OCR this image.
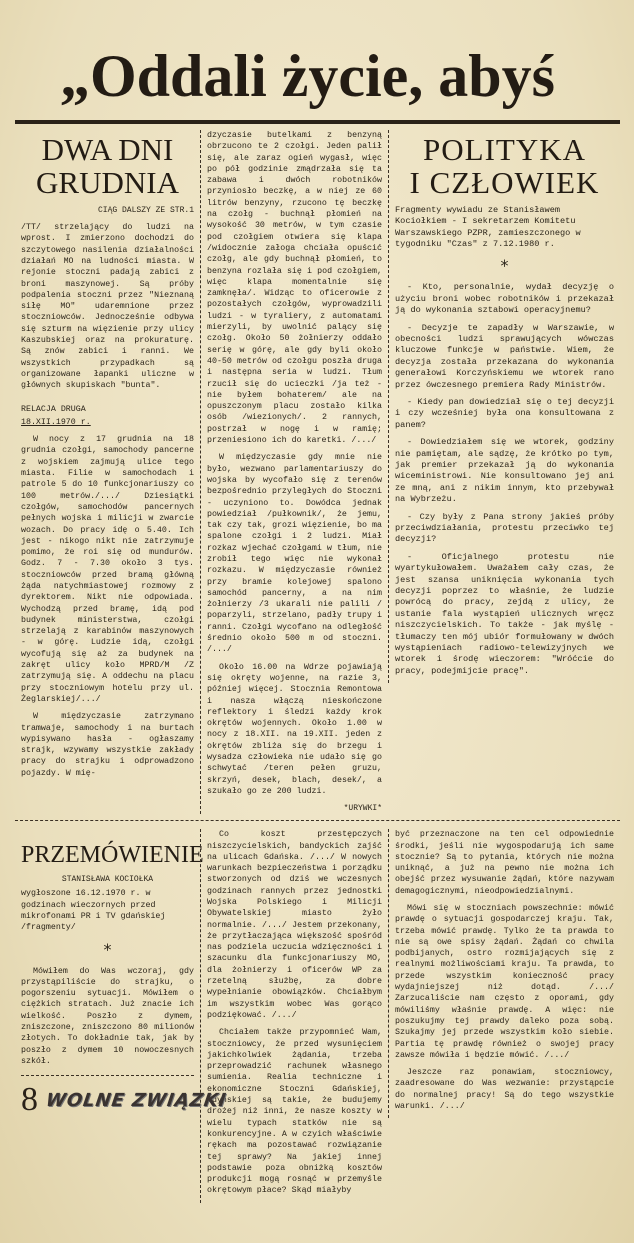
„Oddali życie, abyś
DWA DNI
GRUDNIA
CIĄG DALSZY ZE STR.1

/TT/ strzelający do ludzi na wprost. I zmierzono dochodzi do szczytowego nasilenia działalności działań MO na ludności miasta. W rejonie stoczni padają zabici z broni maszynowej. Są próby podpalenia stoczni przez "Nieznaną siłę MO" udaremnione przez stoczniowców. Jednocześnie odbywa się szturm na więzienie przy ulicy Kaszubskiej oraz na prokuraturę. Są znów zabici i ranni. We wszystkich przypadkach są organizowane łapanki uliczne w głównych skupiskach "bunta".

RELACJA DRUGA

18.XII.1970 r.

W nocy z 17 grudnia na 18 grudnia czołgi, samochody pancerne z wojskiem zajmują ulice tego miasta. Filie w samochodach i patrole 5 do 10 funkcjonariuszy co 100 metrów./.../ Dziesiątki czołgów, samochodów pancernych pełnych wojska i milicji w zwarcie wozach. Do pracy idę o 5.40. Ich jest - nikogo nikt nie zatrzymuje pomimo, że roi się od mundurów. Godz. 7 - 7.30 około 3 tys. stoczniowców przed bramą główną żąda natychmiastowej rozmowy z dyrektorem. Nikt nie odpowiada. Wychodzą przed bramę, idą pod budynek ministerstwa, czołgi strzelają z karabinów maszynowych - w górę. Ludzie idą, czołgi wycofują się aż za budynek na zakręt ulicy koło MPRD/M /Z zatrzymują się. A oddechu na placu przy stoczniowym hotelu przy ul. Żeglarskiej/.../

W międzyczasie zatrzymano tramwaje, samochody i na burtach wypisywano hasła - ogłaszamy strajk, wzywamy wszystkie zakłady pracy do strajku i odprowadzono pojazdy. W mię-

dzyczasie butelkami z benzyną obrzucono te 2 czołgi. Jeden palił się, ale zaraz ogień wygasł, więc po pół godzinie zmądrzała się ta zabawa i dwóch robotników przyniosło beczkę, a w niej ze 60 litrów benzyny, rzucono tę beczkę na czołg - buchnął płomień na wysokość 30 metrów, w tym czasie pod czołgiem otwiera się klapa /widocznie załoga chciała opuścić czołg, ale gdy buchnął płomień, to benzyna rozlała się i pod czołgiem, więc klapa momentalnie się zamknęła/. Widząc to oficerowie z pozostałych czołgów, wyprowadzili ludzi - w tyraliery, z automatami mierzyli, by uwolnić palący się czołg. Około 50 żołnierzy oddało serię w górę, ale gdy byli około 40-50 metrów od czołgu poszła druga i następna seria w ludzi. Tłum rzucił się do ucieczki /ja też - nie byłem bohaterem/ ale na opuszczonym placu zostało kilka osób /wiezionych/. 2 rannych, postrzał w nogę i w ramię; przeniesiono ich do karetki. /.../

W międzyczasie gdy mnie nie było, wezwano parlamentariuszy do wojska by wycofało się z terenów bezpośrednio przyległych do Stoczni - uczyniono to. Dowódca jednak powiedział /pułkownik/, że jemu, tak czy tak, grozi więzienie, bo ma spalone czołgi i 2 ludzi. Miał rozkaz wjechać czołgami w tłum, nie zrobił tego więc nie wykonał rozkazu. W międzyczasie również przy bramie kolejowej spalono samochód pancerny, a na nim żołnierzy /3 ukarali nie palili / poparzyli, strzelano, padły trupy i ranni. Czołgi wycofano na odległość średnio około 500 m od stoczni. /.../

Około 16.00 na Wdrze pojawiają się okręty wojenne, na razie 3, później więcej. Stocznia Remontowa i nasza włączą nieskończone reflektory i śledzi każdy krok okrętów wojennych. Około 1.00 w nocy z 18.XII. na 19.XII. jeden z okrętów zbliża się do brzegu i wysadza człowieka nie udało się go schwytać /teren pełen gruzu, skrzyń, desek, blach, desek/, a szukało go ze 200 ludzi.

*URYWKI*
POLITYKA
I CZŁOWIEK
Fragmenty wywiadu ze Stanisławem Kociołkiem - I sekretarzem Komitetu Warszawskiego PZPR, zamieszczonego w tygodniku "Czas" z 7.12.1980 r.
*

- Kto, personalnie, wydał decyzję o użyciu broni wobec robotników i przekazał ją do wykonania sztabowi operacyjnemu?

- Decyzje te zapadły w Warszawie, w obecności ludzi sprawujących wówczas kluczowe funkcje w państwie. Wiem, że decyzja została przekazana do wykonania generałowi Korczyńskiemu we wtorek rano przez ówczesnego premiera Rady Ministrów.

- Kiedy pan dowiedział się o tej decyzji i czy wcześniej była ona konsultowana z panem?

- Dowiedziałem się we wtorek, godziny nie pamiętam, ale sądzę, że krótko po tym, jak premier przekazał ją do wykonania wiceministrowi. Nie konsultowano jej ani ze mną, ani z nikim innym, kto przebywał na Wybrzeżu.

- Czy były z Pana strony jakieś próby przeciwdziałania, protestu przeciwko tej decyzji?

- Oficjalnego protestu nie wyartykułowałem. Uważałem cały czas, że jest szansa uniknięcia wykonania tych decyzji poprzez to właśnie, że ludzie powrócą do pracy, zejdą z ulicy, że ustanie fala wystąpień ulicznych wręcz niszczycielskich. To także - jak myślę - tłumaczy ten mój ubiór formułowany w dwóch wystąpieniach radiowo-telewizyjnych we wtorek i środę wieczorem: "Wróćcie do pracy, podejmijcie pracę".

PRZEMÓWIENIE
STANISŁAWA KOCIOŁKA
wygłoszone 16.12.1970 r. w godzinach wieczornych przed mikrofonami PR i TV gdańskiej /fragmenty/
*

Mówiłem do Was wczoraj, gdy przystąpiliście do strajku, o pogorszeniu sytuacji. Mówiłem o ciężkich stratach. Już znacie ich wielkość. Poszło z dymem, zniszczone, zniszczono 80 milionów złotych. To dokładnie tak, jak by poszło z dymem 10 nowoczesnych szkół.

8 WOLNE ZWIĄZKI

Co koszt przestępczych niszczycielskich, bandyckich zajść na ulicach Gdańska. /.../ W nowych warunkach bezpieczeństwa i porządku stworzonych od dziś we wczesnych godzinach rannych przez jednostki Wojska Polskiego i Milicji Obywatelskiej miasto żyło normalnie. /.../ Jestem przekonany, że przytłaczająca większość spośród nas podziela uczucia wdzięczności i szacunku dla funkcjonariuszy MO, dla żołnierzy i oficerów WP za rzetelną służbę, za dobre wypełnianie obowiązków. Chciałbym im wszystkim wobec Was gorąco podziękować. /.../

Chciałem także przypomnieć Wam, stoczniowcy, że przed wysunięciem jakichkolwiek żądania, trzeba przeprowadzić rachunek własnego sumienia. Realia techniczne i ekonomiczne Stoczni Gdańskiej, Gdyńskiej są takie, że budujemy drożej niż inni, że nasze koszty w wielu typach statków nie są konkurencyjne. A w czyich właściwie rękach ma pozostawać rozwiązanie tej sprawy? Na jakiej innej podstawie poza obniżką kosztów produkcji mogą rosnąć w przemyśle okrętowym płace? Skąd miałyby

być przeznaczone na ten cel odpowiednie środki, jeśli nie wygospodarują ich same stocznie? Są to pytania, których nie można uniknąć, a już na pewno nie można ich obejść przez wysuwanie żądań, które nazywam demagogicznymi, nieodpowiedzialnymi.

Mówi się w stoczniach powszechnie: mówić prawdę o sytuacji gospodarczej kraju. Tak, trzeba mówić prawdę. Tylko że ta prawda to nie są owe spisy żądań. Żądań co chwila podbijanych, ostro rozmijających się z realnymi możliwościami kraju. Ta prawda, to przede wszystkim konieczność pracy wydajniejszej niż dotąd. /.../ Zarzucaliście nam często z oporami, gdy mówiliśmy właśnie prawdę. A więc: nie poszukujmy tej prawdy daleko poza sobą. Szukajmy jej przede wszystkim koło siebie. Partia tę prawdę również o swojej pracy zawsze mówiła i będzie mówić. /.../

Jeszcze raz ponawiam, stoczniowcy, zaadresowane do Was wezwanie: przystąpcie do normalnej pracy! Są do tego wszystkie warunki. /.../
